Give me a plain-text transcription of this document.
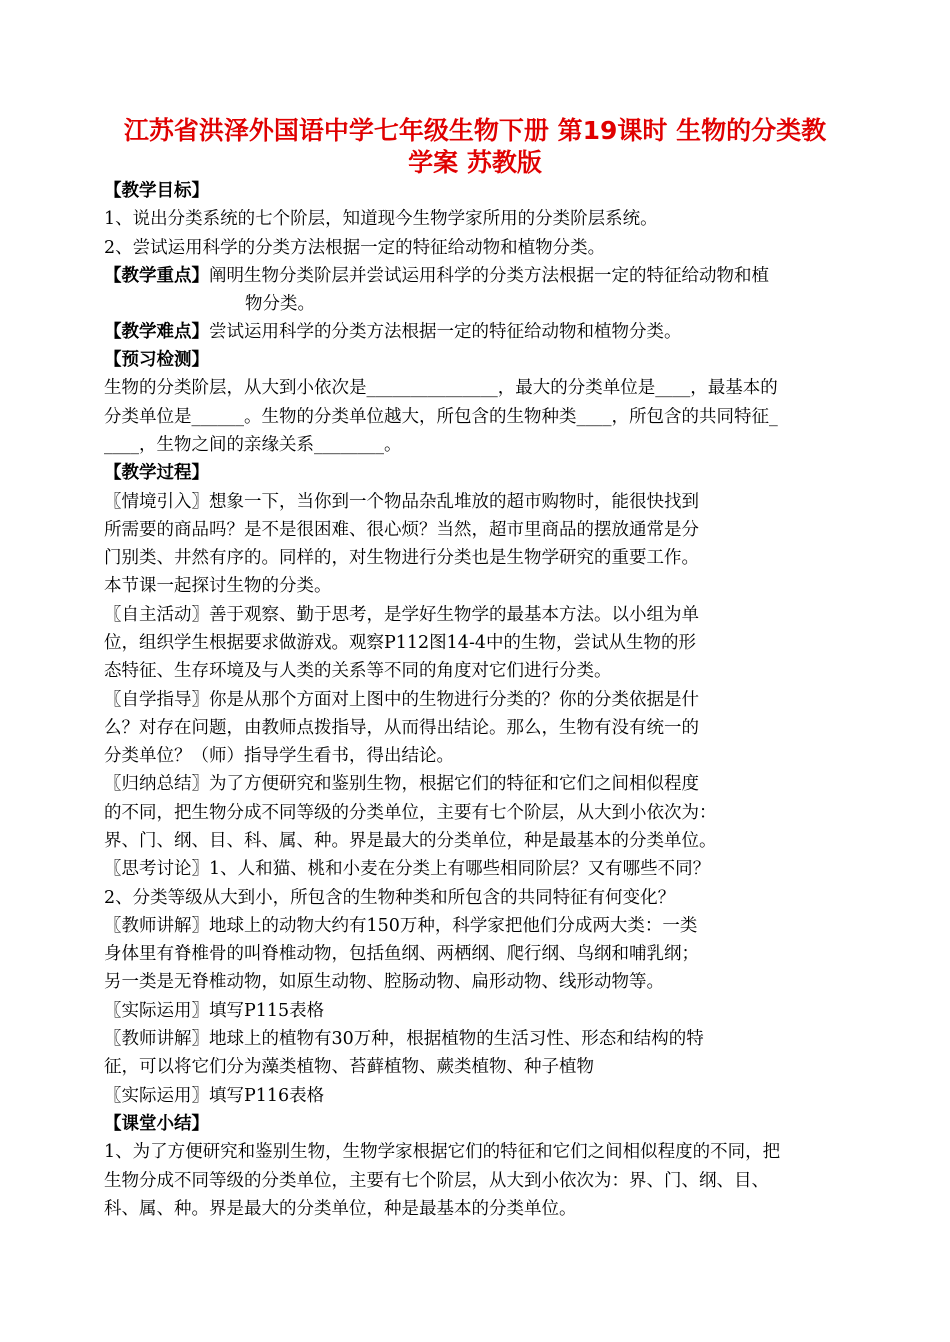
江苏省洪泽外国语中学七年级生物下册 第19课时 生物的分类教
学案 苏教版
【教学目标】
1、说出分类系统的七个阶层，知道现今生物学家所用的分类阶层系统。
2、尝试运用科学的分类方法根据一定的特征给动物和植物分类。
【教学重点】阐明生物分类阶层并尝试运用科学的分类方法根据一定的特征给动物和植
物分类。
【教学难点】尝试运用科学的分类方法根据一定的特征给动物和植物分类。
【预习检测】
生物的分类阶层，从大到小依次是_______________，最大的分类单位是____，最基本的
分类单位是______。生物的分类单位越大，所包含的生物种类____，所包含的共同特征_
____，生物之间的亲缘关系________。
【教学过程】
〖情境引入〗想象一下，当你到一个物品杂乱堆放的超市购物时，能很快找到
所需要的商品吗？是不是很困难、很心烦？当然，超市里商品的摆放通常是分
门别类、井然有序的。同样的，对生物进行分类也是生物学研究的重要工作。
本节课一起探讨生物的分类。
〖自主活动〗善于观察、勤于思考，是学好生物学的最基本方法。以小组为单
位，组织学生根据要求做游戏。观察P112图14-4中的生物，尝试从生物的形
态特征、生存环境及与人类的关系等不同的角度对它们进行分类。
〖自学指导〗你是从那个方面对上图中的生物进行分类的？你的分类依据是什
么？对存在问题，由教师点拨指导，从而得出结论。那么，生物有没有统一的
分类单位？（师）指导学生看书，得出结论。
〖归纳总结〗为了方便研究和鉴别生物，根据它们的特征和它们之间相似程度
的不同，把生物分成不同等级的分类单位，主要有七个阶层，从大到小依次为：
界、门、纲、目、科、属、种。界是最大的分类单位，种是最基本的分类单位。
〖思考讨论〗1、人和猫、桃和小麦在分类上有哪些相同阶层？又有哪些不同？
2、分类等级从大到小，所包含的生物种类和所包含的共同特征有何变化？
〖教师讲解〗地球上的动物大约有150万种，科学家把他们分成两大类：一类
身体里有脊椎骨的叫脊椎动物，包括鱼纲、两栖纲、爬行纲、鸟纲和哺乳纲；
另一类是无脊椎动物，如原生动物、腔肠动物、扁形动物、线形动物等。
〖实际运用〗填写P115表格
〖教师讲解〗地球上的植物有30万种，根据植物的生活习性、形态和结构的特
征，可以将它们分为藻类植物、苔藓植物、蕨类植物、种子植物
〖实际运用〗填写P116表格
【课堂小结】
1、为了方便研究和鉴别生物，生物学家根据它们的特征和它们之间相似程度的不同，把
生物分成不同等级的分类单位，主要有七个阶层，从大到小依次为：界、门、纲、目、
科、属、种。界是最大的分类单位，种是最基本的分类单位。
